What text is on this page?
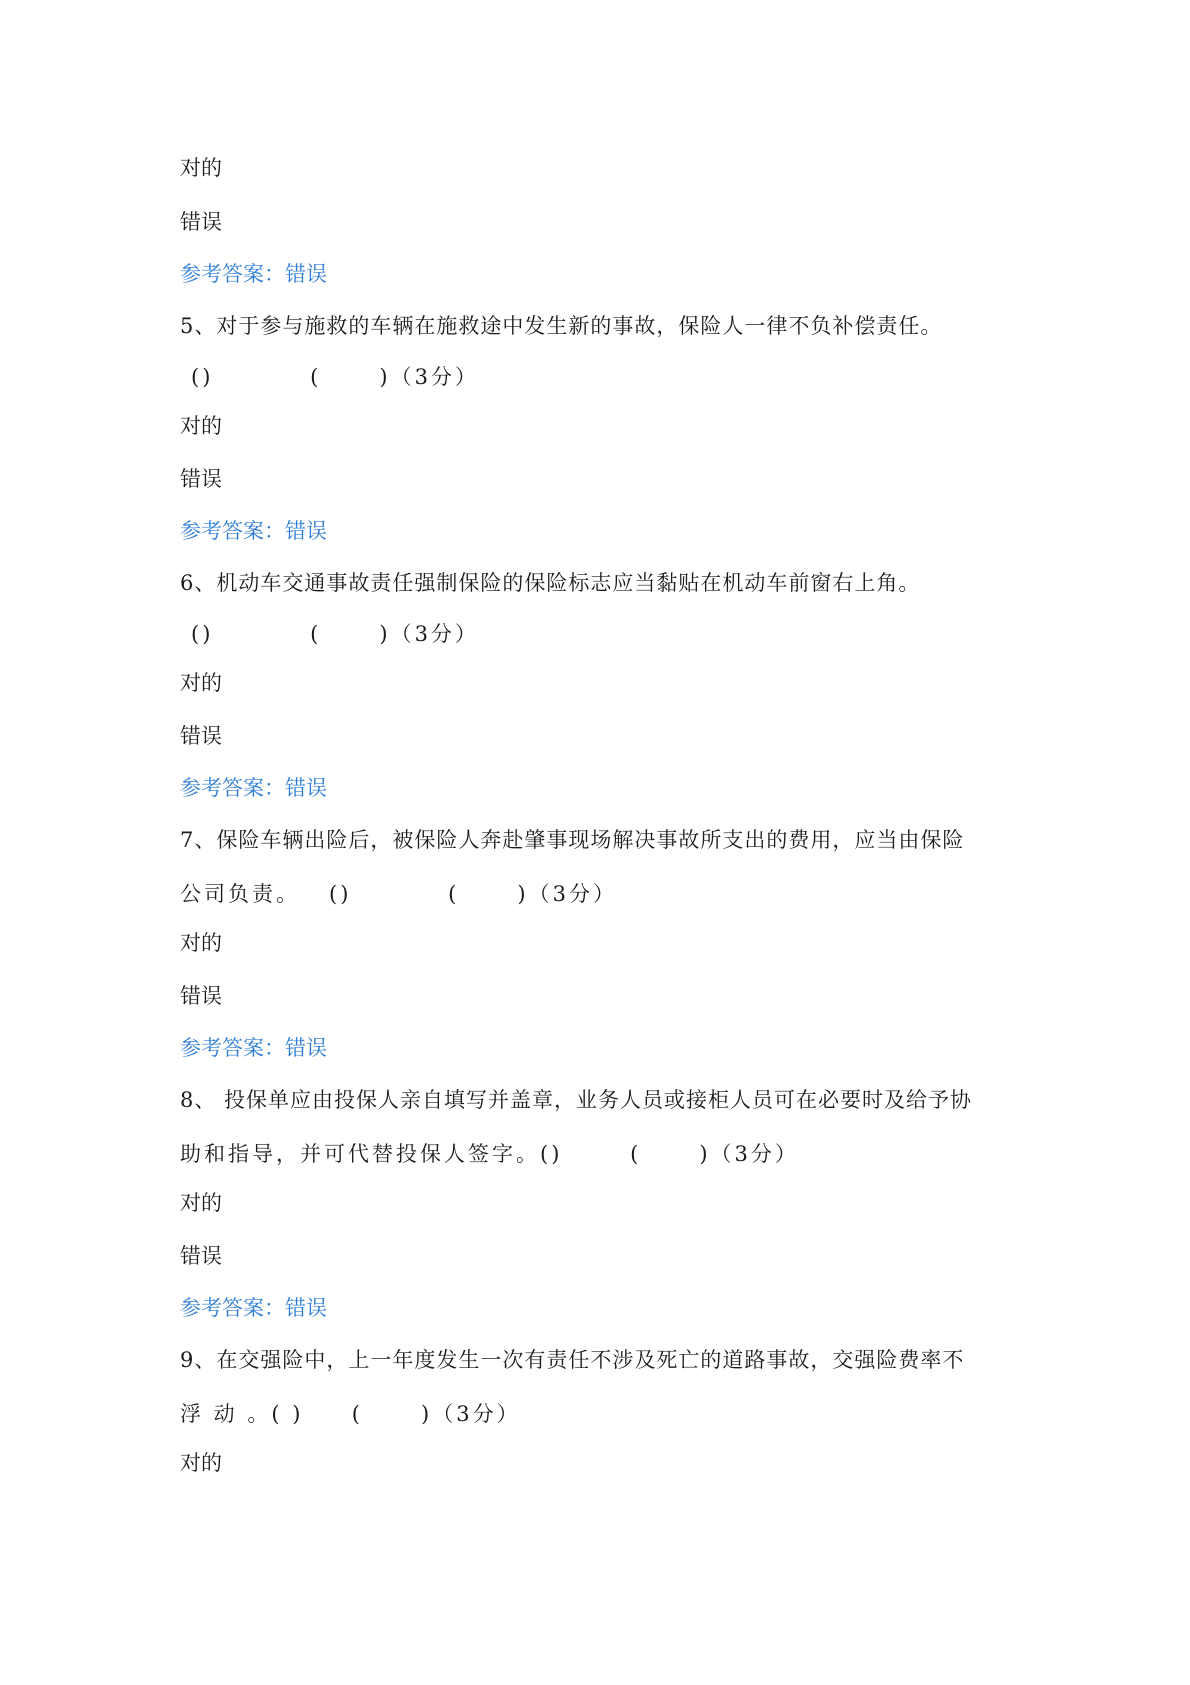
对的
错误
参考答案：错误
5、对于参与施救的车辆在施救途中发生新的事故，保险人一律不负补偿责任。
()          (      )（3分）
对的
错误
参考答案：错误
6、机动车交通事故责任强制保险的保险标志应当黏贴在机动车前窗右上角。
()          (      )（3分）
对的
错误
参考答案：错误
7、保险车辆出险后，被保险人奔赴肇事现场解决事故所支出的费用，应当由保险
公司负责。   ()          (      )（3分）
对的
错误
参考答案：错误
8、 投保单应由投保人亲自填写并盖章，业务人员或接柜人员可在必要时及给予协
助和指导，并可代替投保人签字。()       (      )（3分）
对的
错误
参考答案：错误
9、在交强险中，上一年度发生一次有责任不涉及死亡的道路事故，交强险费率不
浮 动 。( )     (      )（3分）
对的
